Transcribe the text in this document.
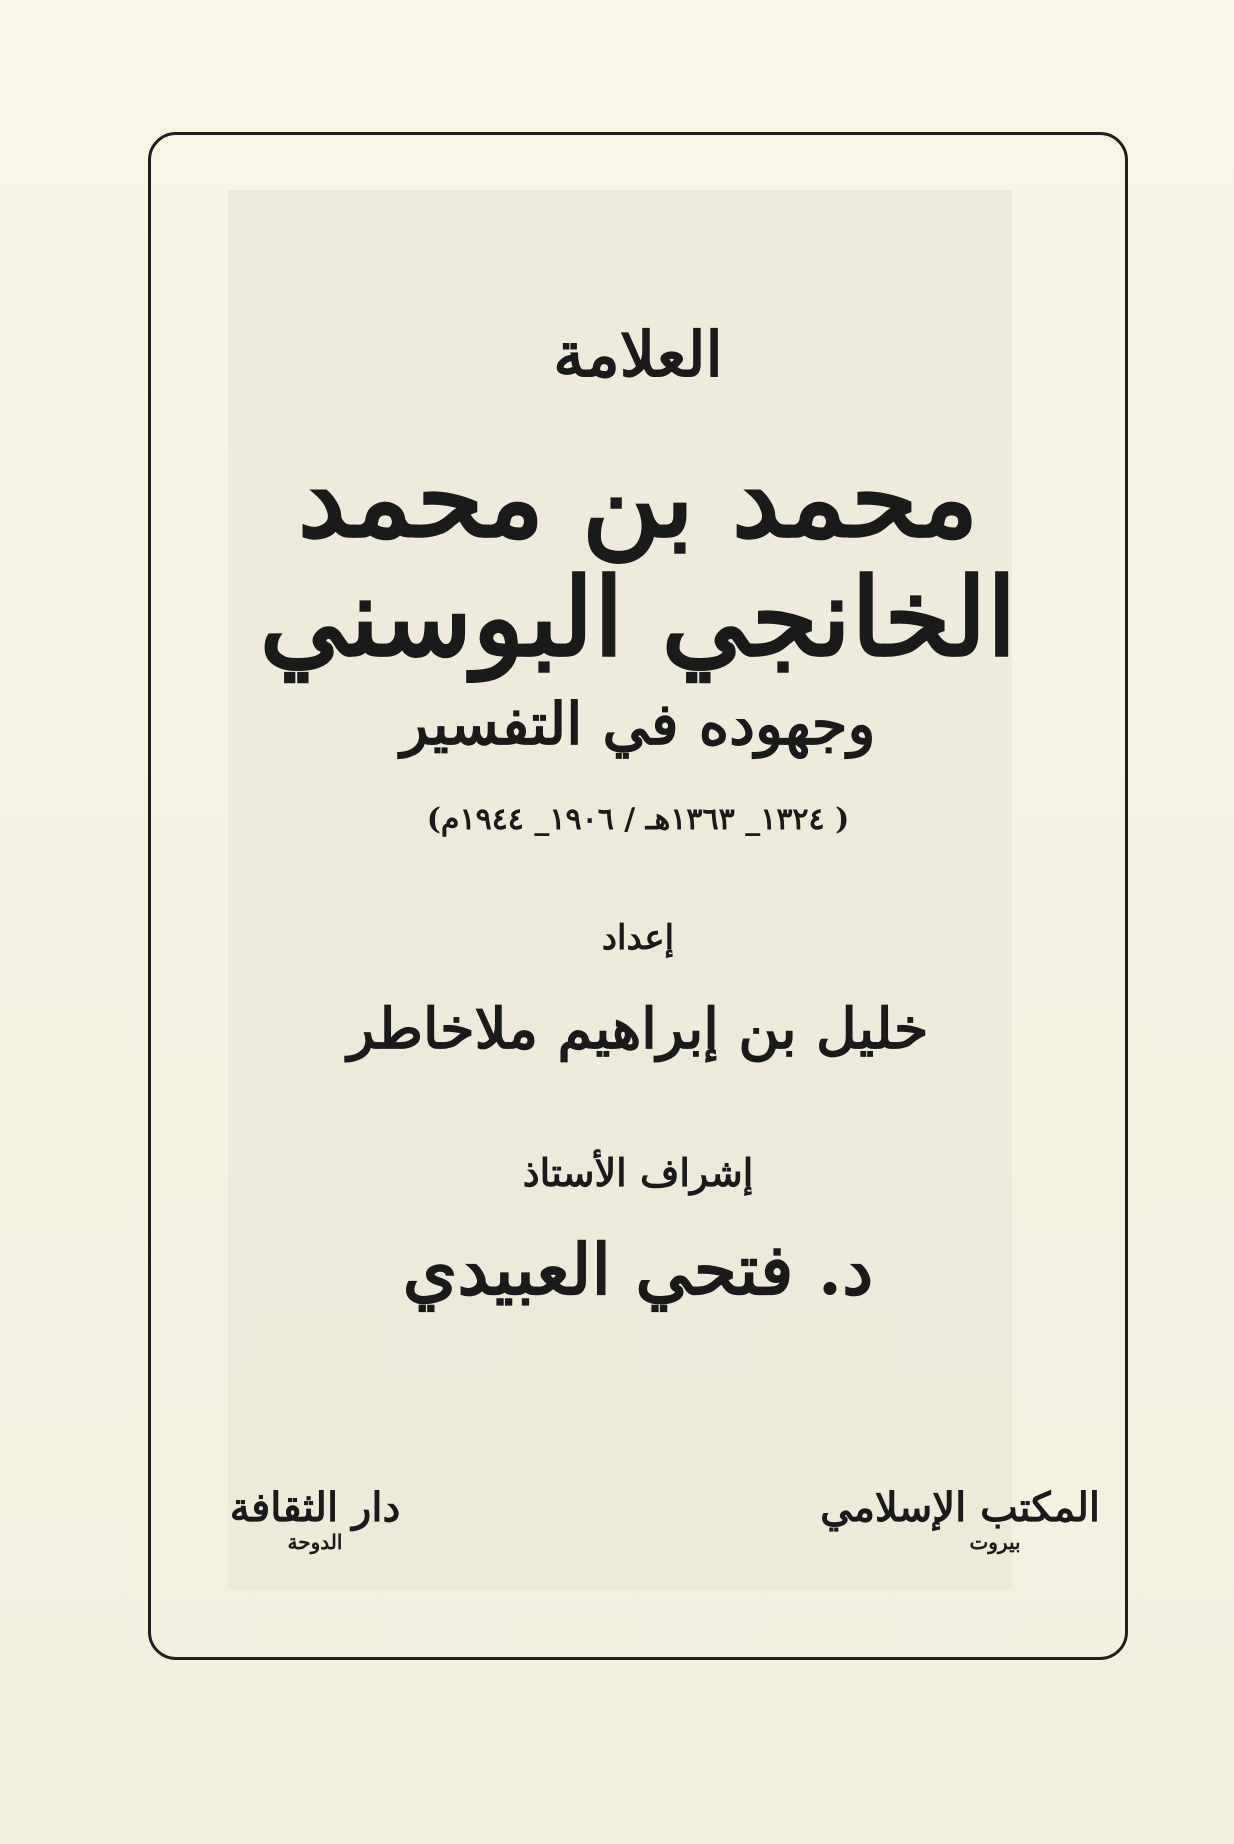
العلامة
محمد بن محمد الخانجي البوسني
وجهوده في التفسير
( ١٣٢٤_ ١٣٦٣هـ / ١٩٠٦_ ١٩٤٤م)
إعداد
خليل بن إبراهيم ملاخاطر
إشراف الأستاذ
د. فتحي العبيدي
دار الثقافة
الدوحة
المكتب الإسلامي
بيروت
